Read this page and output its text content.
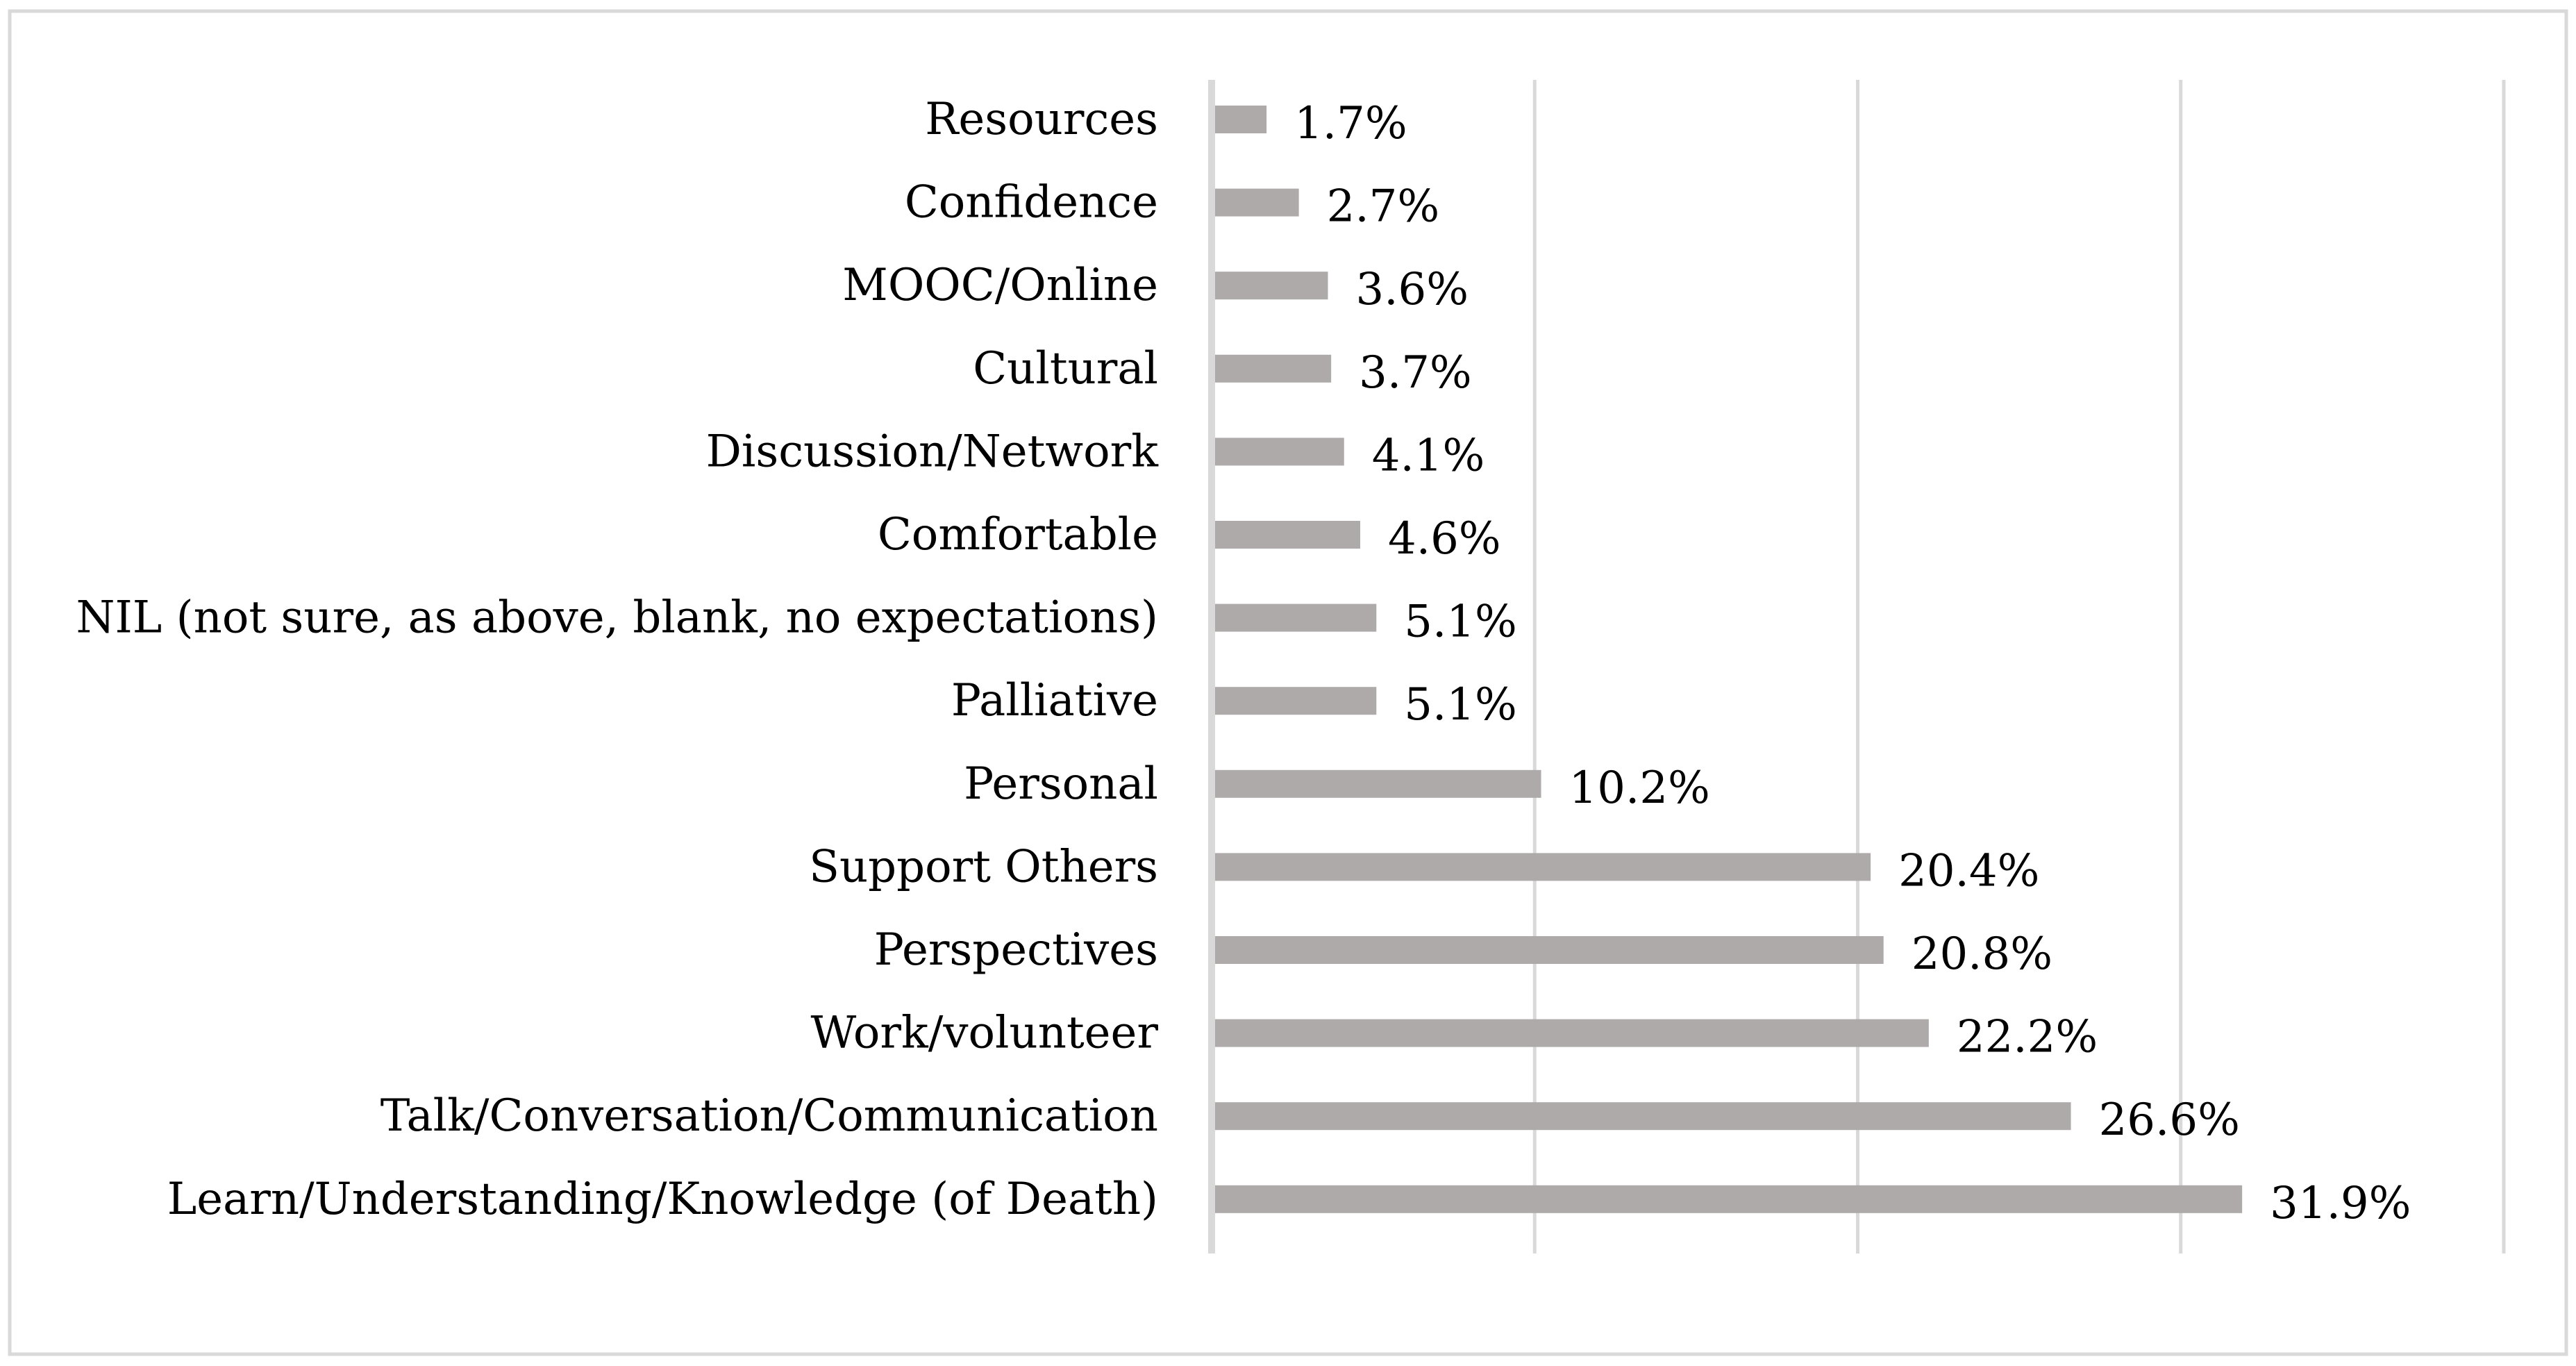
Resources
Confidence
MOOC/Online
Cultural
Discussion/Network
Comfortable
NIL (not sure, as above, blank, no expectations)
Palliative
Personal
Support Others
Perspectives
Work/volunteer
Talk/Conversation/Communication
Learn/Understanding/Knowledge (of Death)
1.7%
2.7%
3.6%
3.7%
4.1%
4.6%
5.1%
5.1%
10.2%
20.4%
20.8%
22.2%
26.6%
31.9%
